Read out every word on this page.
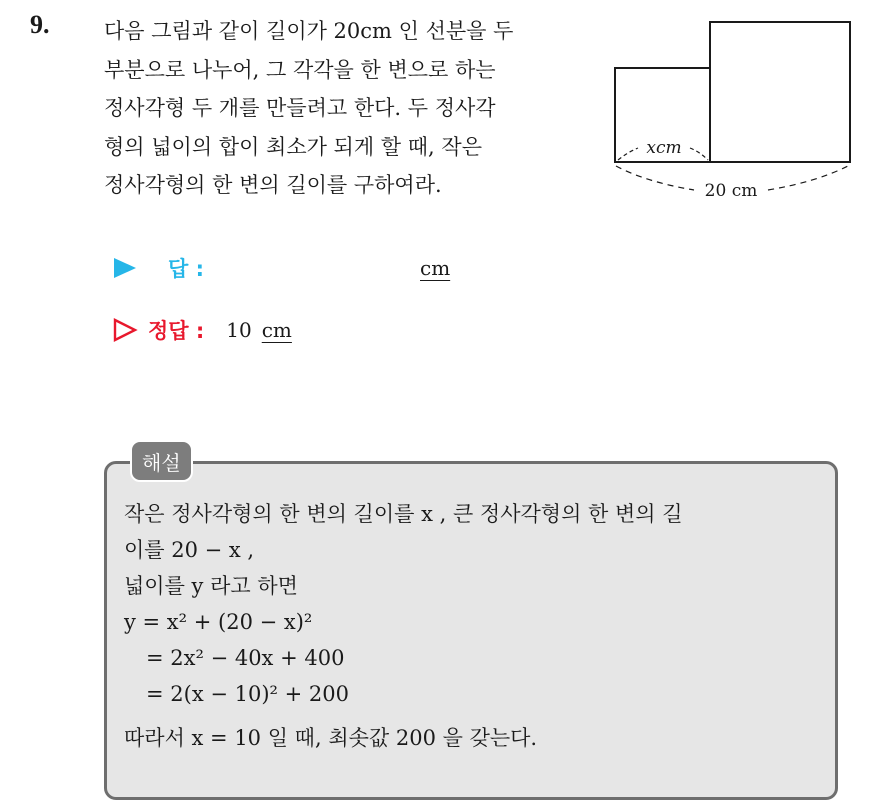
9.	다음 그림과 같이 길이가 20cm 인 선분을 두
부분으로 나누어, 그 각각을 한 변으로 하는
정사각형 두 개를 만들려고 한다. 두 정사각
형의 넓이의 합이 최소가 되게 할 때, 작은
정사각형의 한 변의 길이를 구하여라.

xcm
20 cm
답 :	cm
정답 : 10 cm
해설
작은 정사각형의 한 변의 길이를 x , 큰 정사각형의 한 변의 길
이를 20 − x ,
넓이를 y 라고 하면
y = x² + (20 − x)²
= 2x² − 40x + 400
= 2(x − 10)² + 200
따라서 x = 10 일 때, 최솟값 200 을 갖는다.
